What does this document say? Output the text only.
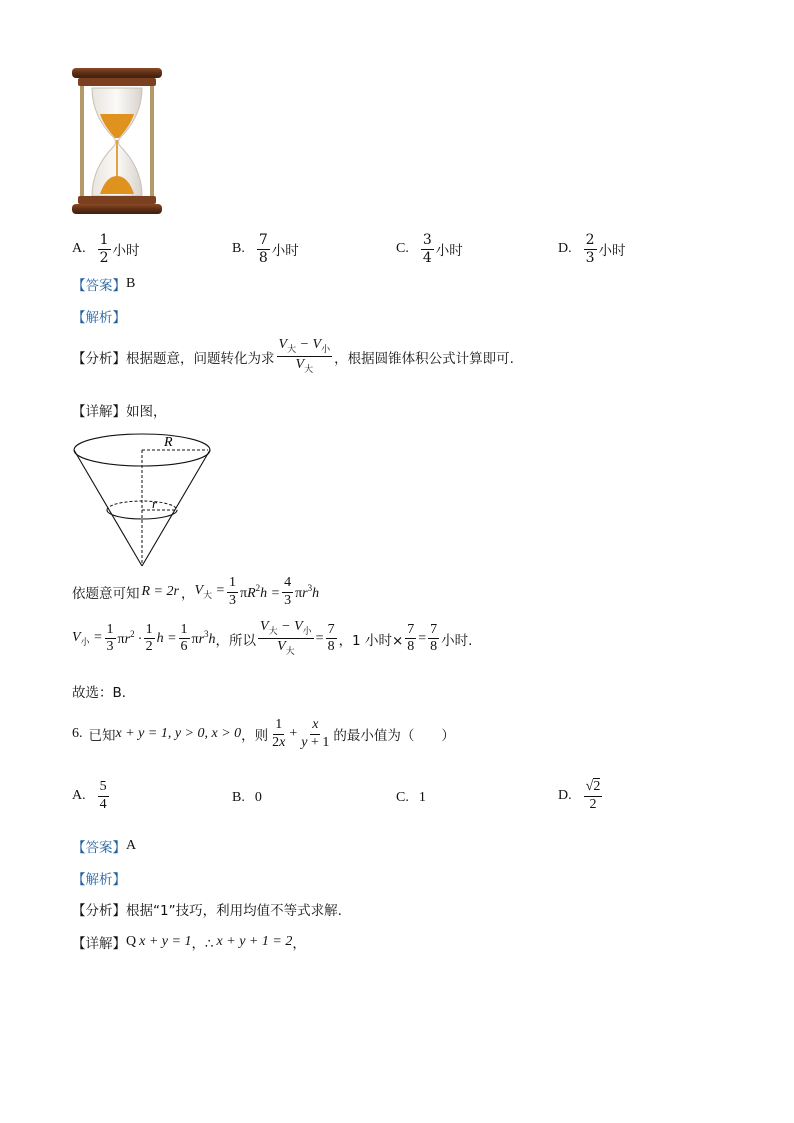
A. $\frac{1}{2}$ 小时	B. $\frac{7}{8}$ 小时	C. $\frac{3}{4}$ 小时	D. $\frac{2}{3}$ 小时
【答案】 B
【解析】
【分析】 根据题意，问题转化为求 $\frac{V_大 - V_小}{V_大}$ ，根据圆锥体积公式计算即可.
【详解】 如图，
R
r
依题意可知 R = 2r ， $V_大 = \frac{1}{3} \pi R^2h = \frac{4}{3} \pi r^3h$
$V_小 = \frac{1}{3} \pi r^2 \cdot \frac{1}{2}$ $h = \frac{1}{6} \pi r^3h$ ，所以 $\frac{V_大 - V_小}{V_大} = \frac{7}{8}$ ，1 小时× $\frac{7}{8} = \frac{7}{8}$ 小时.
故选：B．
6. 已知 x + y = 1, y > 0, x > 0 ，则 $\frac{1}{2x} + \frac{x}{y + 1}$ 的最小值为（　　）
A. $\frac{5}{4}$	B. 0	C. 1	D. $\frac{√2}{2}$
【答案】 A
【解析】
【分析】 根据“1”技巧，利用均值不等式求解.
【详解】 Q x + y = 1 ，∴ x + y + 1 = 2 ，
